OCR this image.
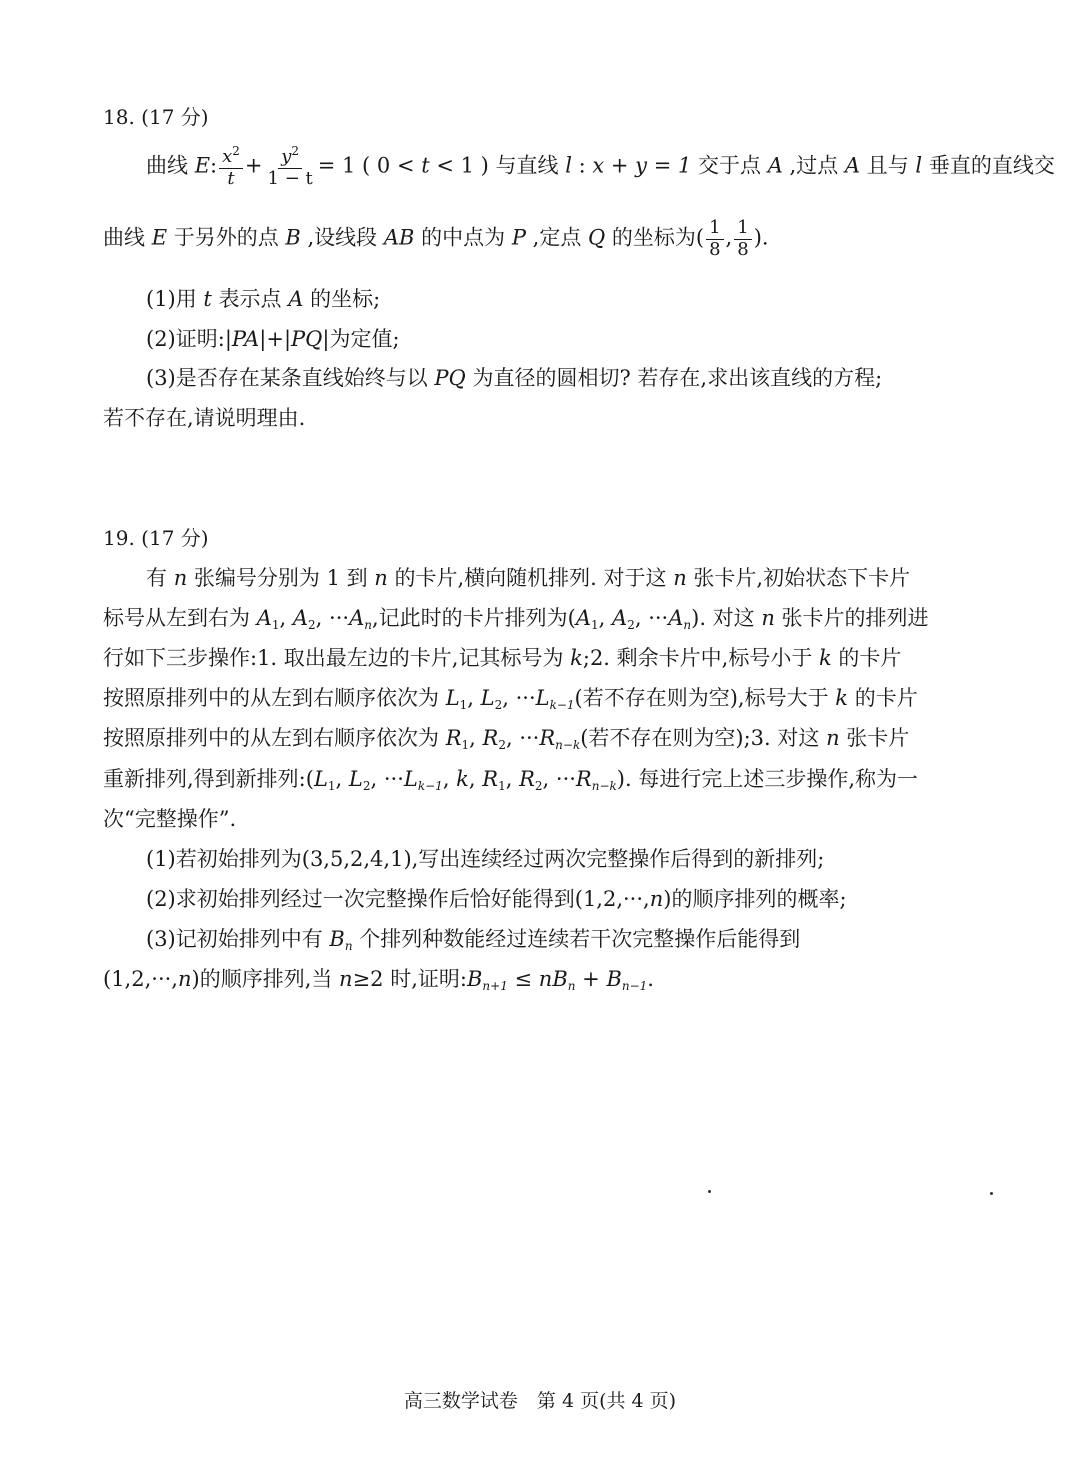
18. (17 分)
曲线 E: $\frac{x^2}{t} + \frac{y^2}{1 - t} = 1$ ( 0 < t < 1 ) 与直线 l : x + y = 1 交于点 A ,过点 A 且与 l 垂直的直线交
曲线 E 于另外的点 B ,设线段 AB 的中点为 P ,定点 Q 的坐标为( $\frac{1}{8}$ , $\frac{1}{8}$ ).
(1)用 t 表示点 A 的坐标;
(2)证明:|PA|+|PQ|为定值;
(3)是否存在某条直线始终与以 PQ 为直径的圆相切? 若存在,求出该直线的方程;
若不存在,请说明理由.
19. (17 分)
有 n 张编号分别为 1 到 n 的卡片,横向随机排列. 对于这 n 张卡片,初始状态下卡片
标号从左到右为 $A_1$, $A_2$, $\cdot\cdot\cdot A_n$,记此时的卡片排列为($A_1$, $A_2$, $\cdot\cdot\cdot A_n$). 对这 n 张卡片的排列进
行如下三步操作:1. 取出最左边的卡片,记其标号为 k;2. 剩余卡片中,标号小于 k 的卡片
按照原排列中的从左到右顺序依次为 $L_1$, $L_2$, $\cdot\cdot\cdot L_{k-1}$(若不存在则为空),标号大于 k 的卡片
按照原排列中的从左到右顺序依次为 $R_1$, $R_2$, $\cdot\cdot\cdot R_{n-k}$(若不存在则为空);3. 对这 n 张卡片
重新排列,得到新排列$:(L_1$, $L_2$, $\cdot\cdot\cdot L_{k-1}$, k, $R_1$, $R_2$, $\cdot\cdot\cdot R_{n-k}$). 每进行完上述三步操作,称为一
次“完整操作”.
(1)若初始排列为(3,5,2,4,1),写出连续经过两次完整操作后得到的新排列;
(2)求初始排列经过一次完整操作后恰好能得到(1,2,···,n)的顺序排列的概率;
(3)记初始排列中有 $B_n$ 个排列种数能经过连续若干次完整操作后能得到
(1,2,···,n)的顺序排列,当 n≥2 时,证明$:B_{n+1} \le nB_n + B_{n-1}$.
高三数学试卷　第 4 页(共 4 页)
